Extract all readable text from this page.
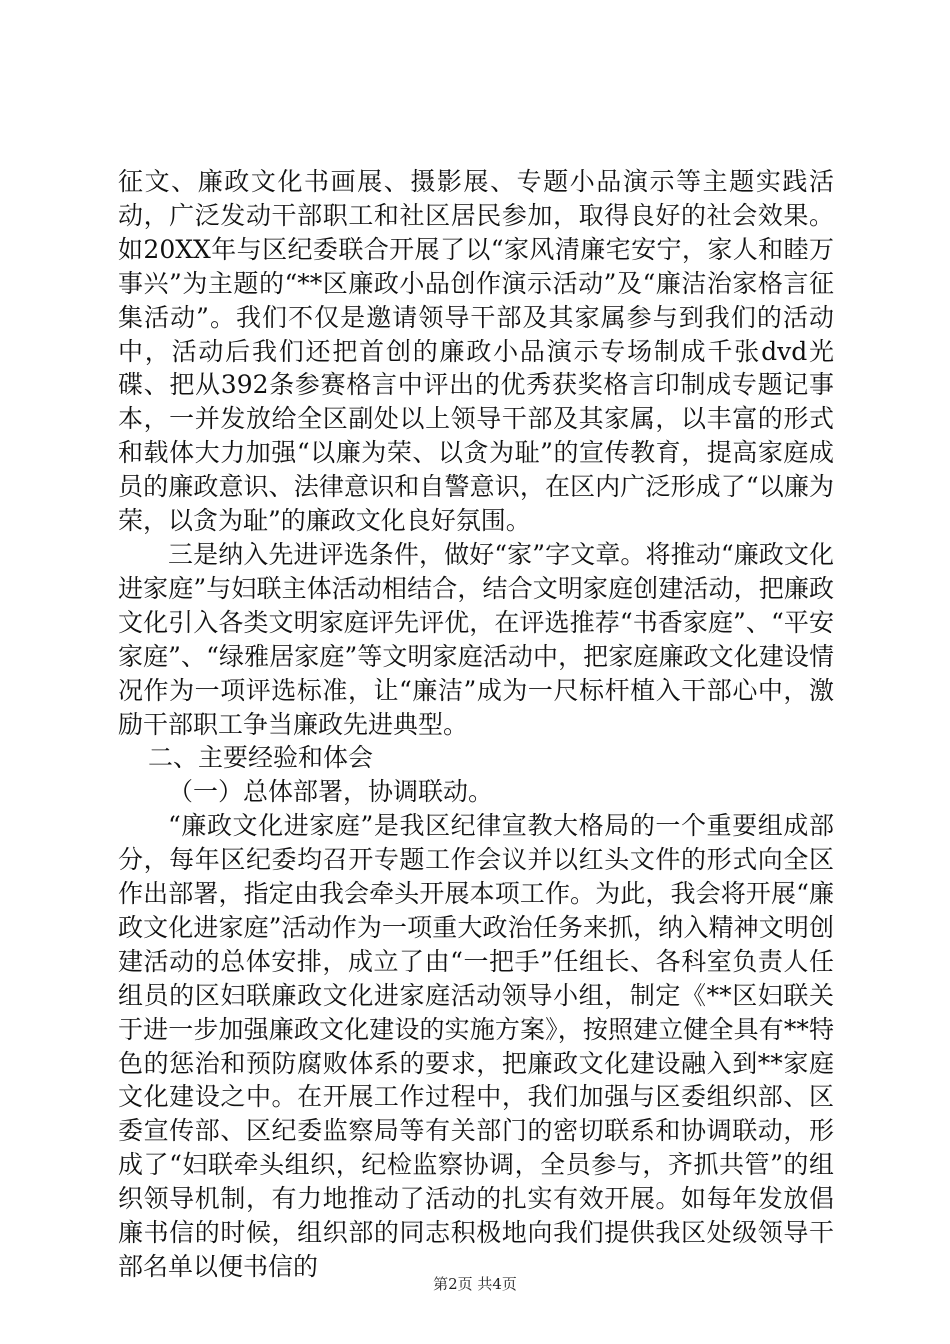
征文、廉政文化书画展、摄影展、专题小品演示等主题实践活动，广泛发动干部职工和社区居民参加，取得良好的社会效果。如20XX年与区纪委联合开展了以“家风清廉宅安宁，家人和睦万事兴”为主题的“**区廉政小品创作演示活动”及“廉洁治家格言征集活动”。我们不仅是邀请领导干部及其家属参与到我们的活动中，活动后我们还把首创的廉政小品演示专场制成千张dvd光碟、把从392条参赛格言中评出的优秀获奖格言印制成专题记事本，一并发放给全区副处以上领导干部及其家属，以丰富的形式和载体大力加强“以廉为荣、以贪为耻”的宣传教育，提高家庭成员的廉政意识、法律意识和自警意识，在区内广泛形成了“以廉为荣，以贪为耻”的廉政文化良好氛围。

三是纳入先进评选条件，做好“家”字文章。将推动“廉政文化进家庭”与妇联主体活动相结合，结合文明家庭创建活动，把廉政文化引入各类文明家庭评先评优，在评选推荐“书香家庭”、“平安家庭”、“绿雅居家庭”等文明家庭活动中，把家庭廉政文化建设情况作为一项评选标准，让“廉洁”成为一尺标杆植入干部心中，激励干部职工争当廉政先进典型。

二、主要经验和体会

（一）总体部署，协调联动。

“廉政文化进家庭”是我区纪律宣教大格局的一个重要组成部分，每年区纪委均召开专题工作会议并以红头文件的形式向全区作出部署，指定由我会牵头开展本项工作。为此，我会将开展“廉政文化进家庭”活动作为一项重大政治任务来抓，纳入精神文明创建活动的总体安排，成立了由“一把手”任组长、各科室负责人任组员的区妇联廉政文化进家庭活动领导小组，制定《**区妇联关于进一步加强廉政文化建设的实施方案》，按照建立健全具有**特色的惩治和预防腐败体系的要求，把廉政文化建设融入到**家庭文化建设之中。在开展工作过程中，我们加强与区委组织部、区委宣传部、区纪委监察局等有关部门的密切联系和协调联动，形成了“妇联牵头组织，纪检监察协调，全员参与，齐抓共管”的组织领导机制，有力地推动了活动的扎实有效开展。如每年发放倡廉书信的时候，组织部的同志积极地向我们提供我区处级领导干部名单以便书信的

第2页 共4页
